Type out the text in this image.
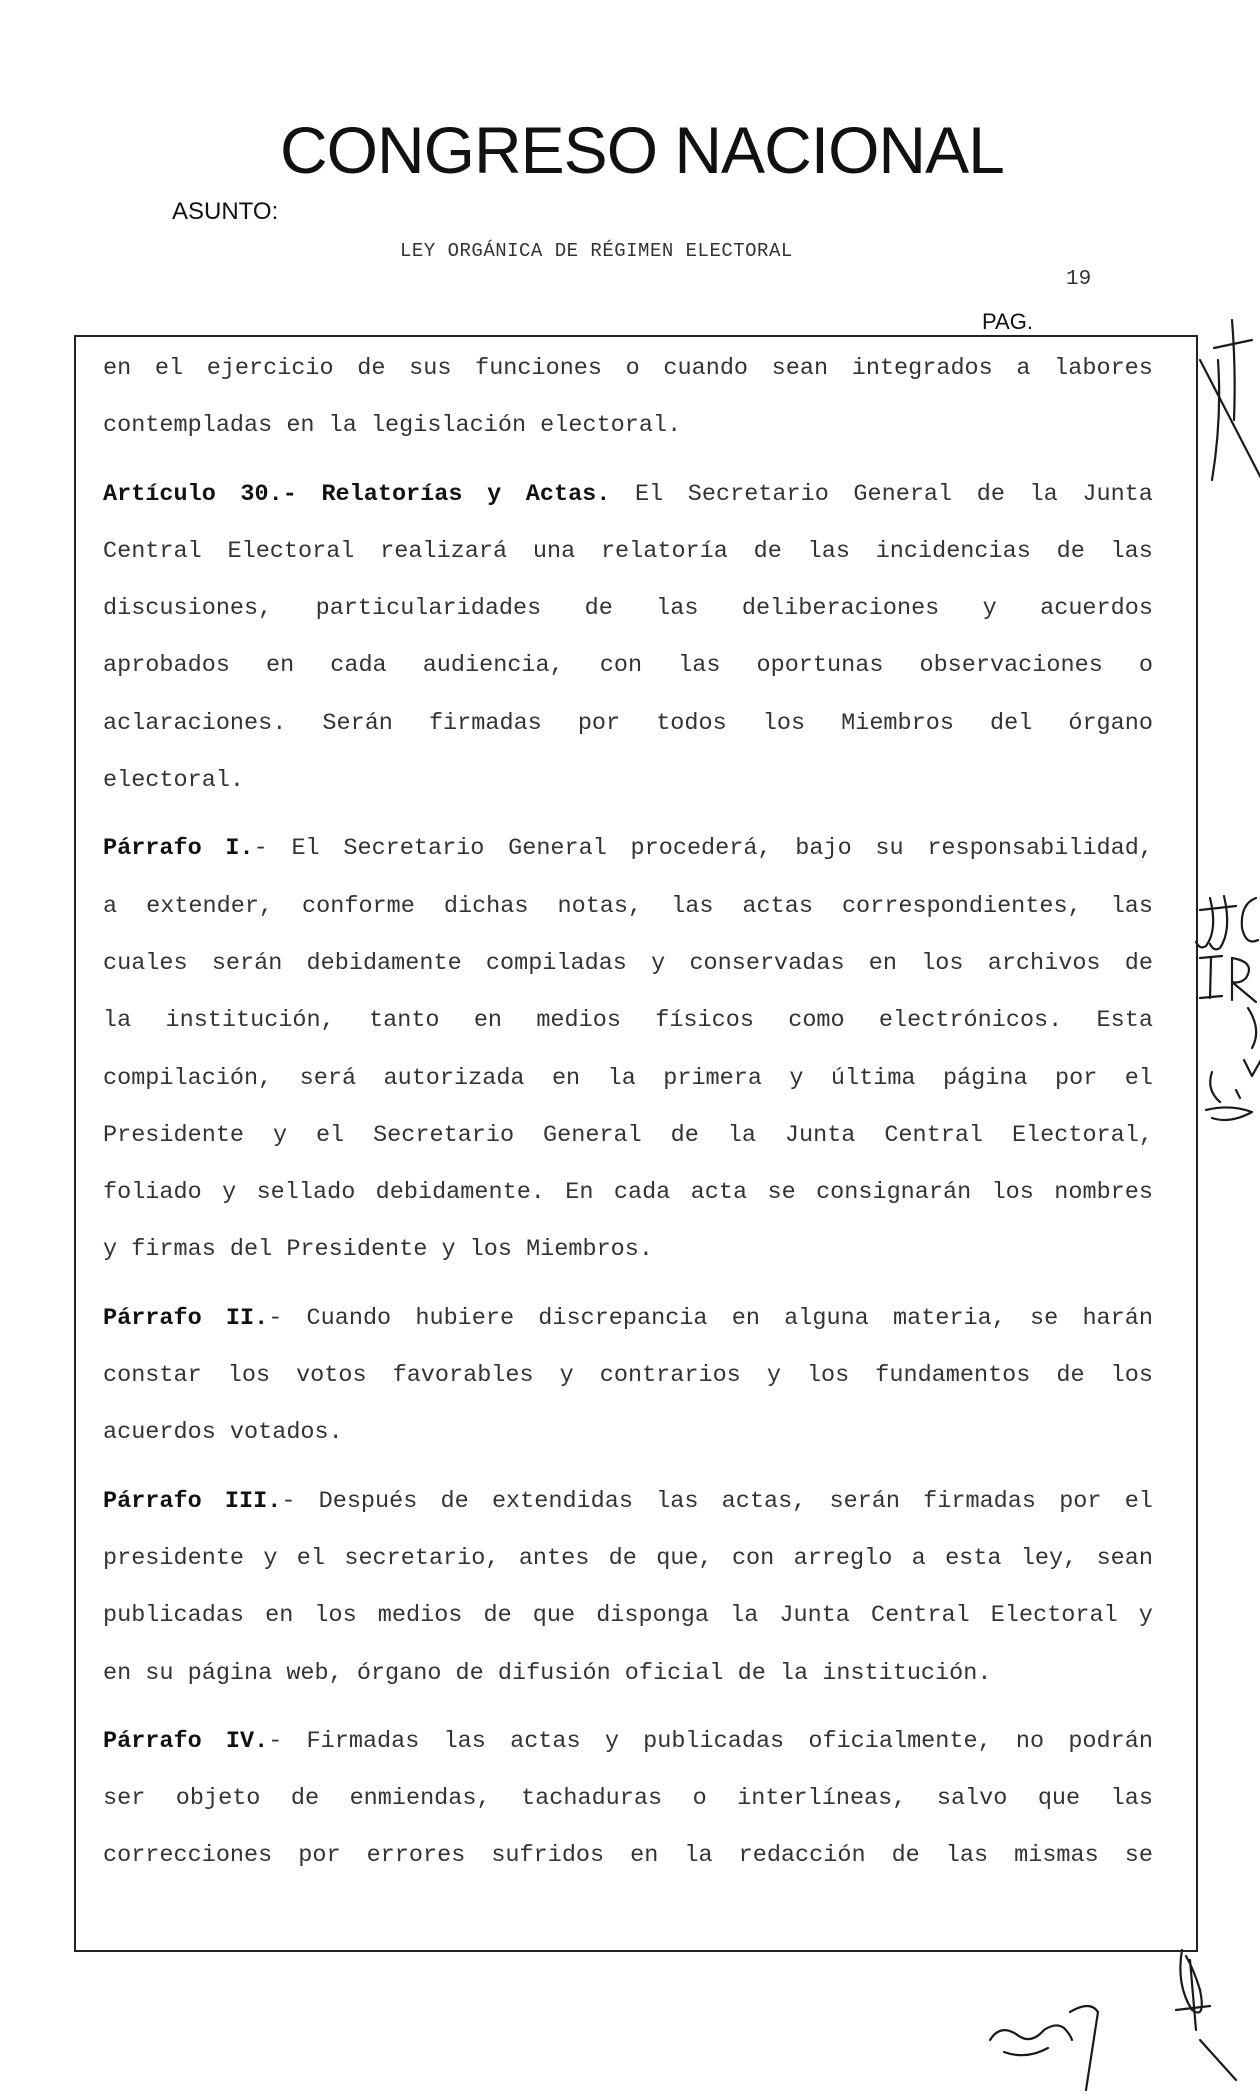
CONGRESO NACIONAL
ASUNTO:
LEY ORGÁNICA DE RÉGIMEN ELECTORAL
19
PAG.
en el ejercicio de sus funciones o cuando sean integrados a labores
contempladas en la legislación electoral.
Artículo 30.- Relatorías y Actas. El Secretario General de la Junta
Central Electoral realizará una relatoría de las incidencias de las
discusiones, particularidades de las deliberaciones y acuerdos
aprobados en cada audiencia, con las oportunas observaciones o
aclaraciones. Serán firmadas por todos los Miembros del órgano
electoral.
Párrafo I.- El Secretario General procederá, bajo su responsabilidad,
a extender, conforme dichas notas, las actas correspondientes, las
cuales serán debidamente compiladas y conservadas en los archivos de
la institución, tanto en medios físicos como electrónicos. Esta
compilación, será autorizada en la primera y última página por el
Presidente y el Secretario General de la Junta Central Electoral,
foliado y sellado debidamente. En cada acta se consignarán los nombres
y firmas del Presidente y los Miembros.
Párrafo II.- Cuando hubiere discrepancia en alguna materia, se harán
constar los votos favorables y contrarios y los fundamentos de los
acuerdos votados.
Párrafo III.- Después de extendidas las actas, serán firmadas por el
presidente y el secretario, antes de que, con arreglo a esta ley, sean
publicadas en los medios de que disponga la Junta Central Electoral y
en su página web, órgano de difusión oficial de la institución.
Párrafo IV.- Firmadas las actas y publicadas oficialmente, no podrán
ser objeto de enmiendas, tachaduras o interlíneas, salvo que las
correcciones por errores sufridos en la redacción de las mismas se
